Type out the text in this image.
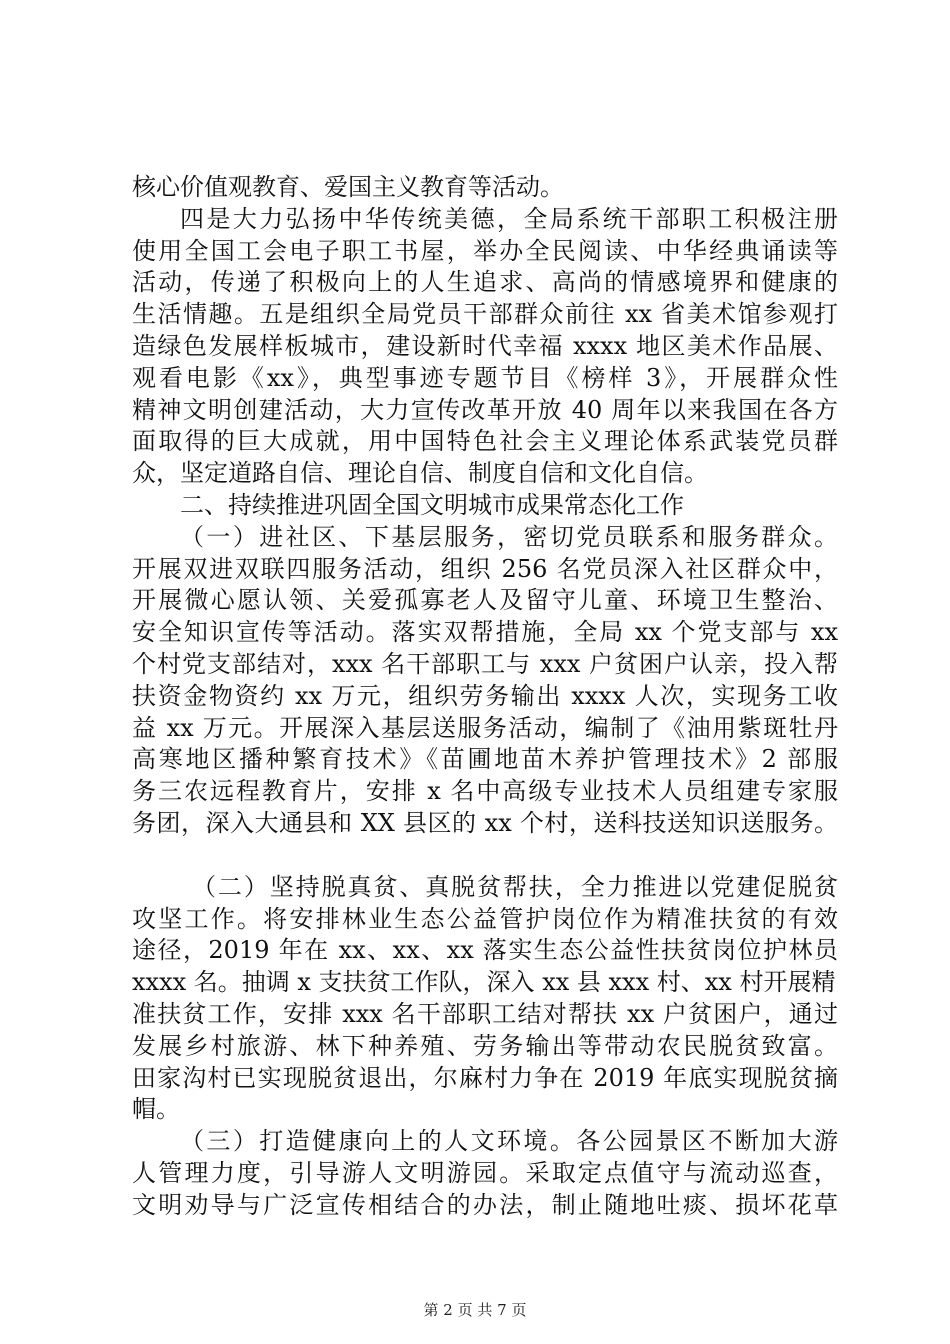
核心价值观教育、爱国主义教育等活动。
四是大力弘扬中华传统美德，全局系统干部职工积极注册
使用全国工会电子职工书屋，举办全民阅读、中华经典诵读等
活动，传递了积极向上的人生追求、高尚的情感境界和健康的
生活情趣。五是组织全局党员干部群众前往 xx 省美术馆参观打
造绿色发展样板城市，建设新时代幸福 xxxx 地区美术作品展、
观看电影《xx》，典型事迹专题节目《榜样 3》，开展群众性
精神文明创建活动，大力宣传改革开放 40 周年以来我国在各方
面取得的巨大成就，用中国特色社会主义理论体系武装党员群
众，坚定道路自信、理论自信、制度自信和文化自信。
二、持续推进巩固全国文明城市成果常态化工作
（一）进社区、下基层服务，密切党员联系和服务群众。
开展双进双联四服务活动，组织 256 名党员深入社区群众中，
开展微心愿认领、关爱孤寡老人及留守儿童、环境卫生整治、
安全知识宣传等活动。落实双帮措施，全局 xx 个党支部与 xx
个村党支部结对，xxx 名干部职工与 xxx 户贫困户认亲，投入帮
扶资金物资约 xx 万元，组织劳务输出 xxxx 人次，实现务工收
益 xx 万元。开展深入基层送服务活动，编制了《油用紫斑牡丹
高寒地区播种繁育技术》《苗圃地苗木养护管理技术》2 部服
务三农远程教育片，安排 x 名中高级专业技术人员组建专家服
务团，深入大通县和 XX 县区的 xx 个村，送科技送知识送服务。
（二）坚持脱真贫、真脱贫帮扶，全力推进以党建促脱贫
攻坚工作。将安排林业生态公益管护岗位作为精准扶贫的有效
途径，2019 年在 xx、xx、xx 落实生态公益性扶贫岗位护林员
xxxx 名。抽调 x 支扶贫工作队，深入 xx 县 xxx 村、xx 村开展精
准扶贫工作，安排 xxx 名干部职工结对帮扶 xx 户贫困户，通过
发展乡村旅游、林下种养殖、劳务输出等带动农民脱贫致富。
田家沟村已实现脱贫退出，尔麻村力争在 2019 年底实现脱贫摘
帽。
（三）打造健康向上的人文环境。各公园景区不断加大游
人管理力度，引导游人文明游园。采取定点值守与流动巡查，
文明劝导与广泛宣传相结合的办法，制止随地吐痰、损坏花草
第 2 页 共 7 页
